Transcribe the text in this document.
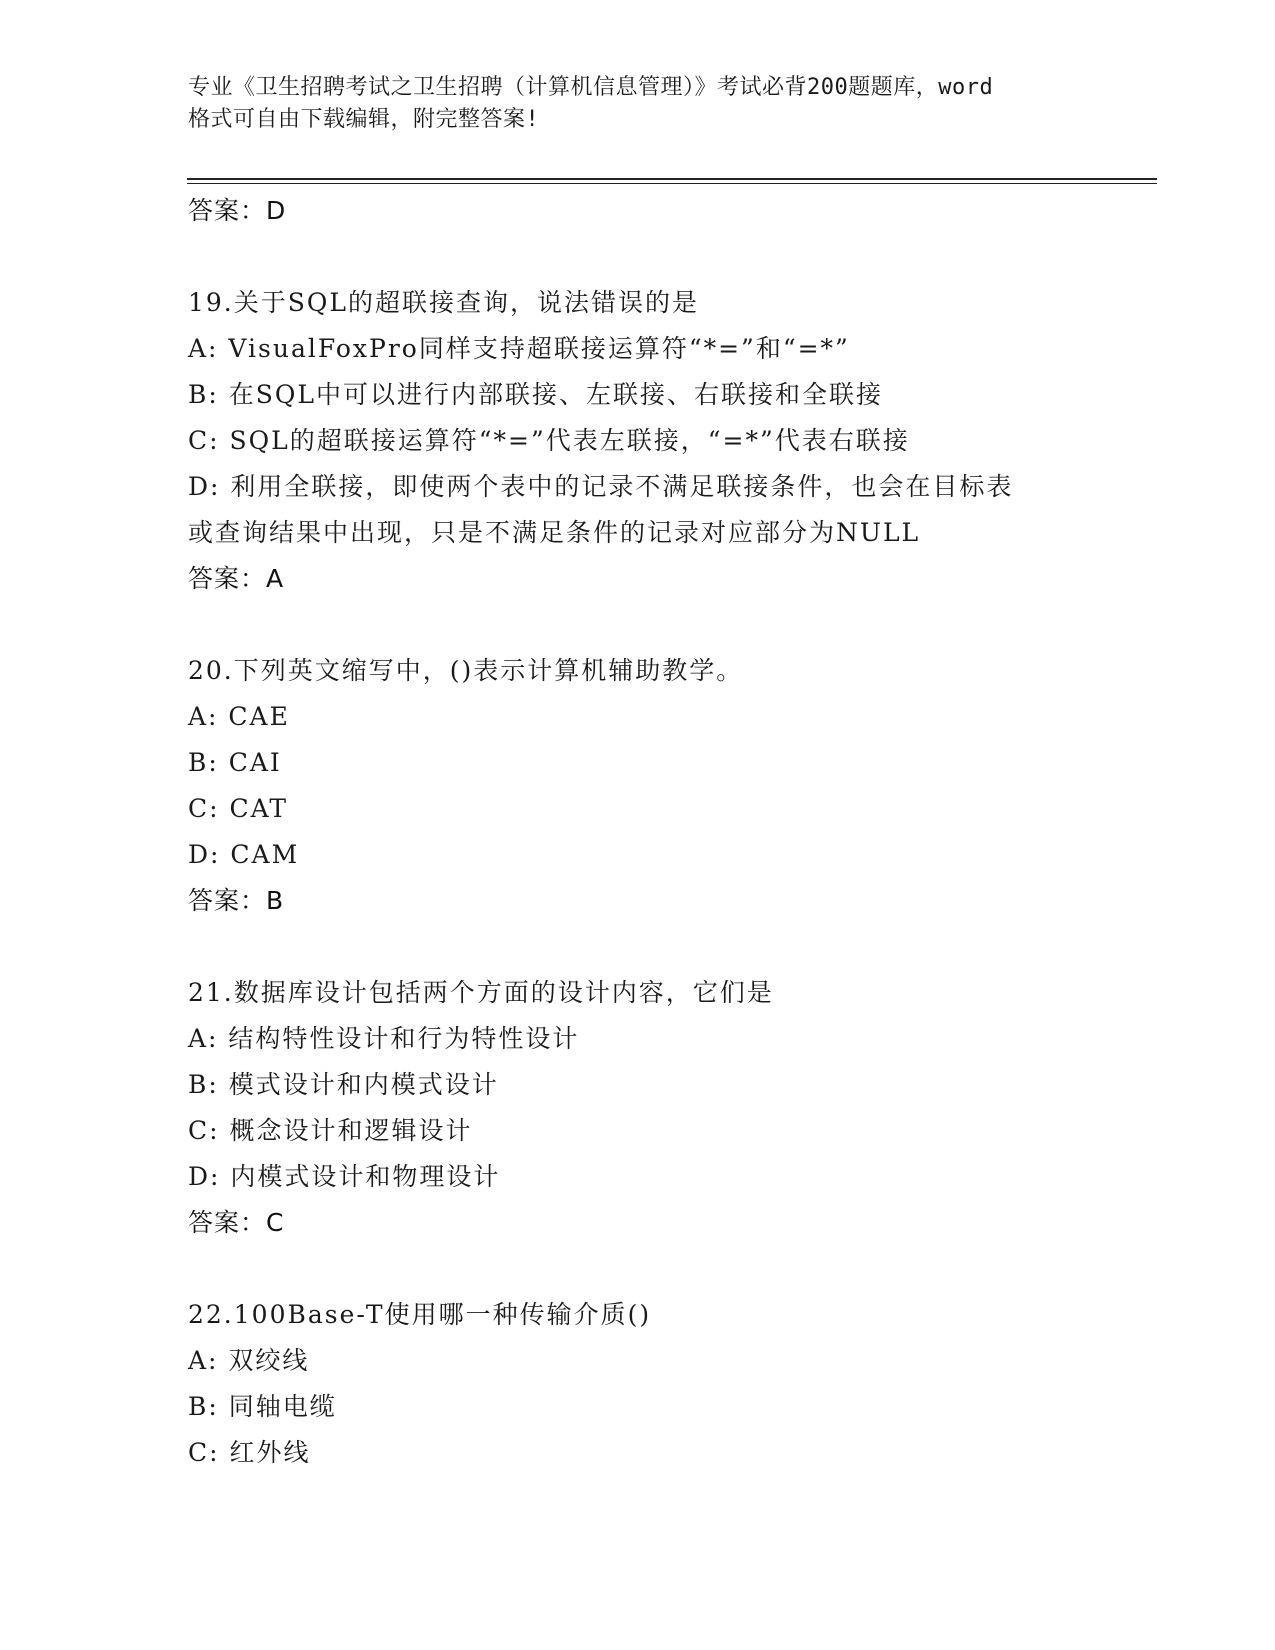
专业《卫生招聘考试之卫生招聘（计算机信息管理）》考试必背200题题库，word
格式可自由下载编辑，附完整答案!
答案：D
19.关于SQL的超联接查询，说法错误的是
A: VisualFoxPro同样支持超联接运算符“*=”和“=*”
B: 在SQL中可以进行内部联接、左联接、右联接和全联接
C: SQL的超联接运算符“*=”代表左联接，“=*”代表右联接
D: 利用全联接，即使两个表中的记录不满足联接条件，也会在目标表
或查询结果中出现，只是不满足条件的记录对应部分为NULL
答案：A
20.下列英文缩写中，()表示计算机辅助教学。
A: CAE
B: CAI
C: CAT
D: CAM
答案：B
21.数据库设计包括两个方面的设计内容，它们是
A: 结构特性设计和行为特性设计
B: 模式设计和内模式设计
C: 概念设计和逻辑设计
D: 内模式设计和物理设计
答案：C
22.100Base-T使用哪一种传输介质()
A: 双绞线
B: 同轴电缆
C: 红外线
